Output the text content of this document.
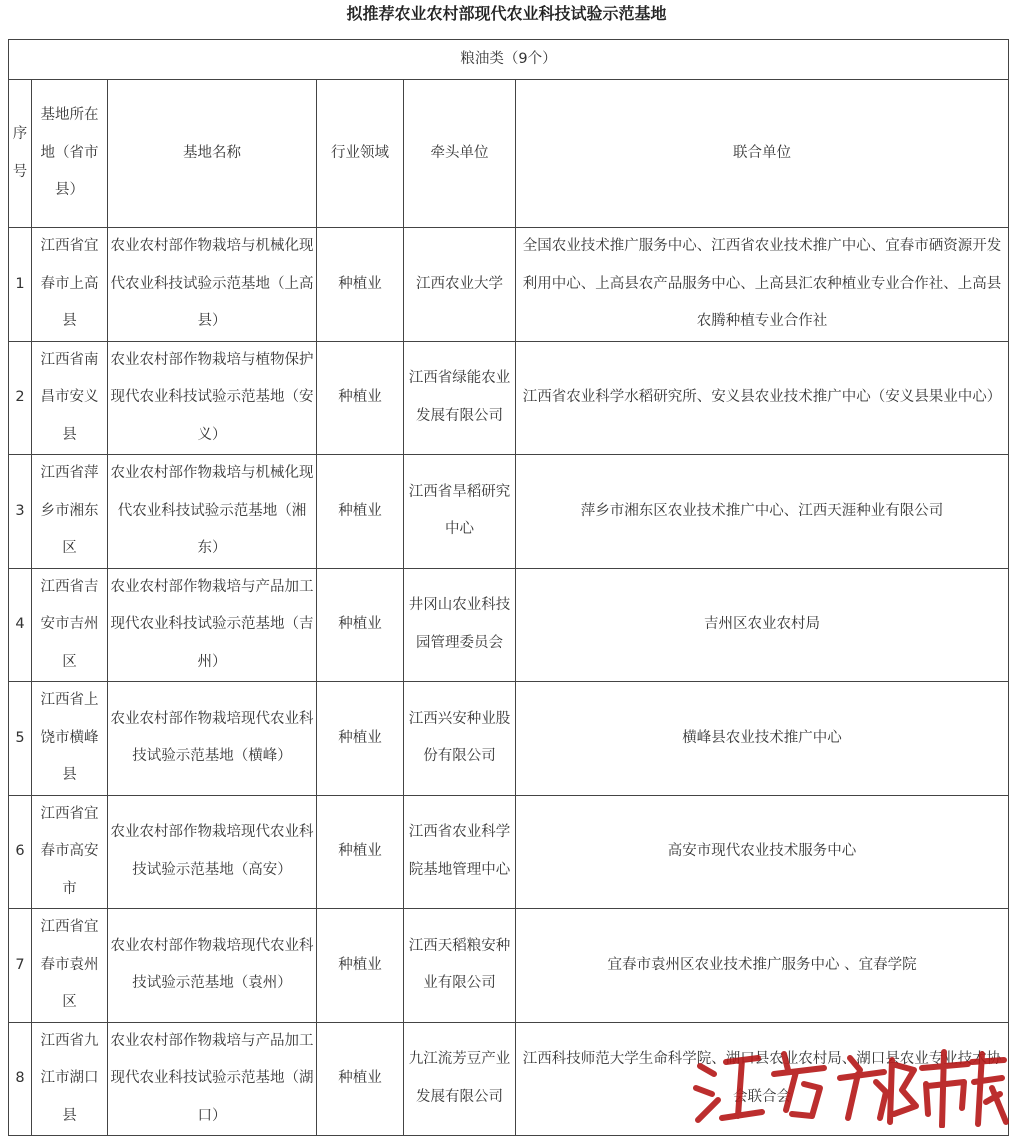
拟推荐农业农村部现代农业科技试验示范基地
粮油类（9个）					
序号	基地所在地（省市县）	基地名称	行业领域	牵头单位	联合单位
1	江西省宜春市上高县	农业农村部作物栽培与机械化现代农业科技试验示范基地（上高县）	种植业	江西农业大学	全国农业技术推广服务中心、江西省农业技术推广中心、宜春市硒资源开发利用中心、上高县农产品服务中心、上高县汇农种植业专业合作社、上高县农腾种植专业合作社
2	江西省南昌市安义县	农业农村部作物栽培与植物保护现代农业科技试验示范基地（安义）	种植业	江西省绿能农业发展有限公司	江西省农业科学水稻研究所、安义县农业技术推广中心（安义县果业中心）
3	江西省萍乡市湘东区	农业农村部作物栽培与机械化现代农业科技试验示范基地（湘东）	种植业	江西省旱稻研究中心	萍乡市湘东区农业技术推广中心、江西天涯种业有限公司
4	江西省吉安市吉州区	农业农村部作物栽培与产品加工现代农业科技试验示范基地（吉州）	种植业	井冈山农业科技园管理委员会	吉州区农业农村局
5	江西省上饶市横峰县	农业农村部作物栽培现代农业科技试验示范基地（横峰）	种植业	江西兴安种业股份有限公司	横峰县农业技术推广中心
6	江西省宜春市高安市	农业农村部作物栽培现代农业科技试验示范基地（高安）	种植业	江西省农业科学院基地管理中心	高安市现代农业技术服务中心
7	江西省宜春市袁州区	农业农村部作物栽培现代农业科技试验示范基地（袁州）	种植业	江西天稻粮安种业有限公司	宜春市袁州区农业技术推广服务中心 、宜春学院
8	江西省九江市湖口县	农业农村部作物栽培与产品加工现代农业科技试验示范基地（湖口）	种植业	九江流芳豆产业发展有限公司	江西科技师范大学生命科学院、湖口县农业农村局、湖口县农业专业技术协会联合会
